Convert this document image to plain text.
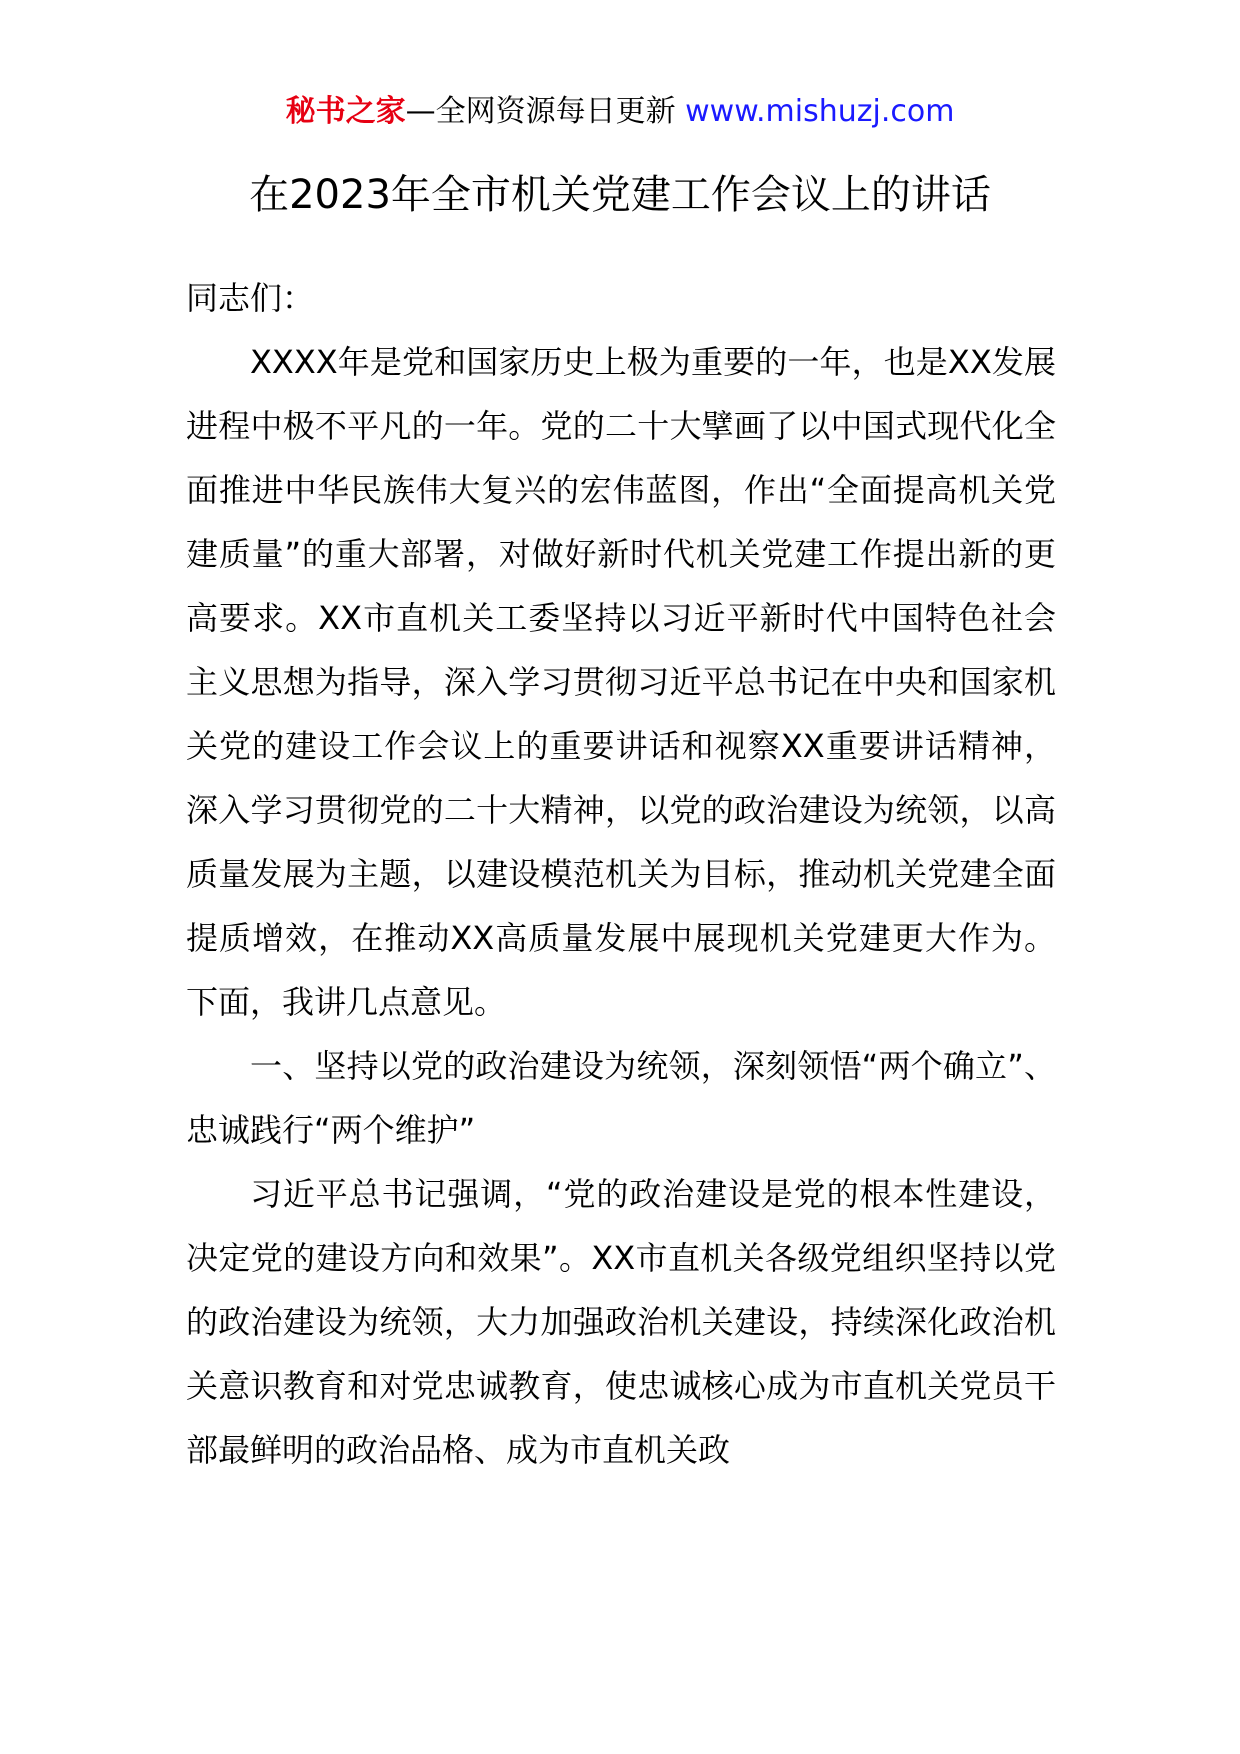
秘书之家—全网资源每日更新 www.mishuzj.com
在2023年全市机关党建工作会议上的讲话

同志们：

XXXX年是党和国家历史上极为重要的一年，也是XX发展进程中极不平凡的一年。党的二十大擘画了以中国式现代化全面推进中华民族伟大复兴的宏伟蓝图，作出“全面提高机关党建质量”的重大部署，对做好新时代机关党建工作提出新的更高要求。XX市直机关工委坚持以习近平新时代中国特色社会主义思想为指导，深入学习贯彻习近平总书记在中央和国家机关党的建设工作会议上的重要讲话和视察XX重要讲话精神，深入学习贯彻党的二十大精神，以党的政治建设为统领，以高质量发展为主题，以建设模范机关为目标，推动机关党建全面提质增效，在推动XX高质量发展中展现机关党建更大作为。下面，我讲几点意见。

一、坚持以党的政治建设为统领，深刻领悟“两个确立”、忠诚践行“两个维护”

习近平总书记强调，“党的政治建设是党的根本性建设，决定党的建设方向和效果”。XX市直机关各级党组织坚持以党的政治建设为统领，大力加强政治机关建设，持续深化政治机关意识教育和对党忠诚教育，使忠诚核心成为市直机关党员干部最鲜明的政治品格、成为市直机关政
